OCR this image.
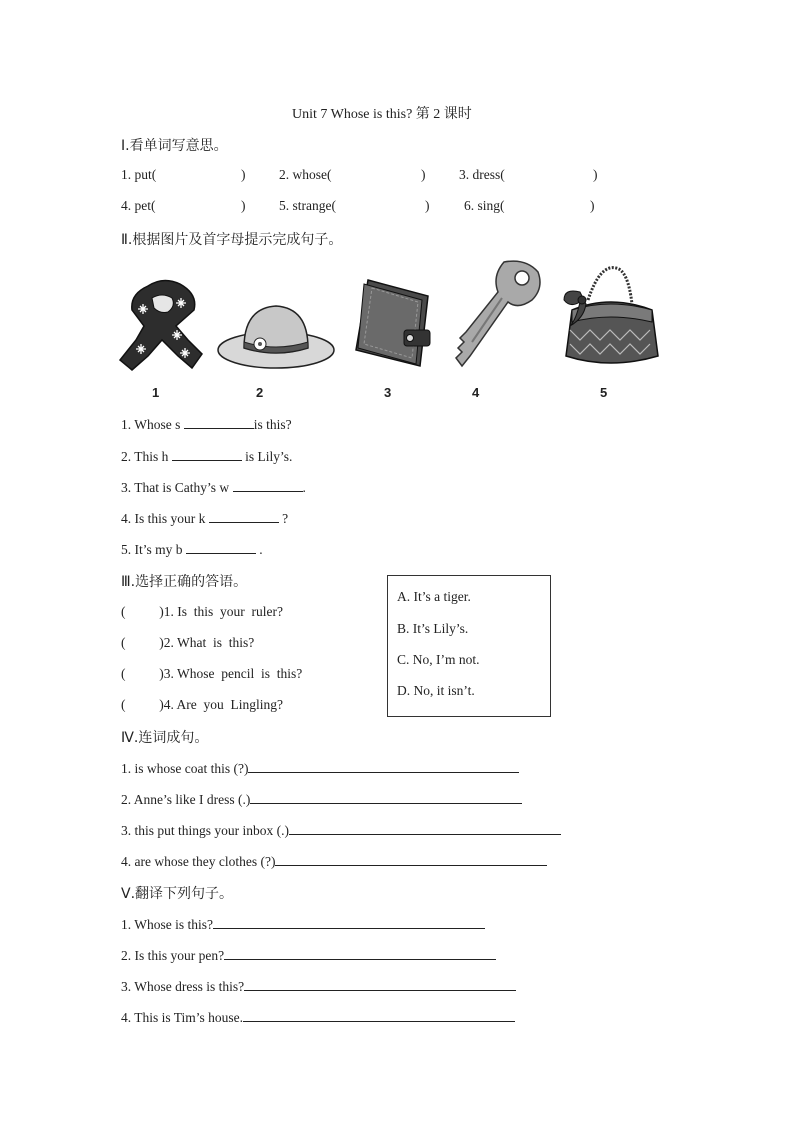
Unit 7 Whose is this? 第 2 课时
Ⅰ.看单词写意思。
1. put(	) 2. whose(	) 3. dress(	)
4. pet(	) 5. strange(	)	6. sing(	)
Ⅱ.根据图片及首字母提示完成句子。
1	2	3	4	5
1. Whose s	is this?
2. This h	is Lily’s.
3. That is Cathy’s w	.
4. Is this your k	?
5. It’s my b	.
Ⅲ.选择正确的答语。
(          )1. Is  this  your  ruler?
(          )2. What  is  this?
(          )3. Whose  pencil  is  this?
(          )4. Are  you  Lingling?
A. It’s a tiger.
B. It’s Lily’s.
C. No, I’m not.
D. No, it isn’t.
Ⅳ.连词成句。
1. is whose coat this (?)
2. Anne’s like I dress (.)
3. this put things your inbox (.)
4. are whose they clothes (?)
Ⅴ.翻译下列句子。
1. Whose is this?
2. Is this your pen?
3. Whose dress is this?
4. This is Tim’s house.
